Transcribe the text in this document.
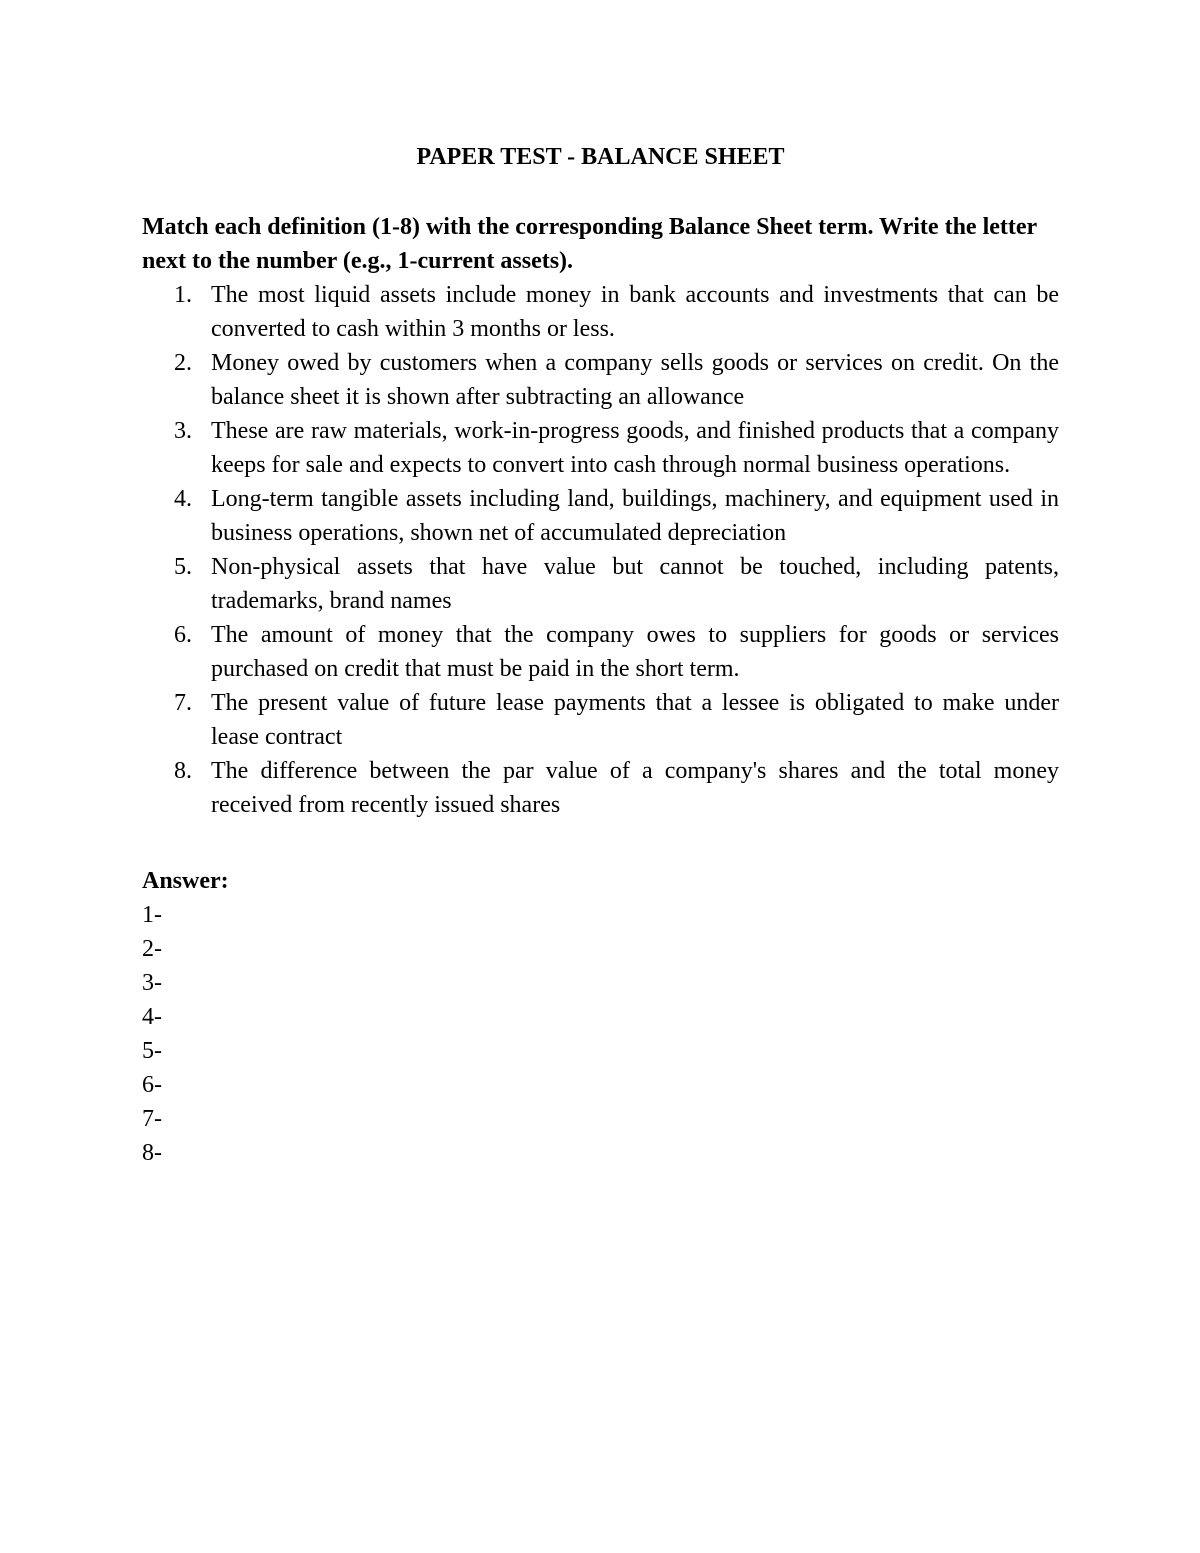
PAPER TEST - BALANCE SHEET

Match each definition (1-8) with the corresponding Balance Sheet term. Write the letter next to the number (e.g., 1-current assets).

1. The most liquid assets include money in bank accounts and investments that can be converted to cash within 3 months or less.
2. Money owed by customers when a company sells goods or services on credit. On the balance sheet it is shown after subtracting an allowance
3. These are raw materials, work-in-progress goods, and finished products that a company keeps for sale and expects to convert into cash through normal business operations.
4. Long-term tangible assets including land, buildings, machinery, and equipment used in business operations, shown net of accumulated depreciation
5. Non-physical assets that have value but cannot be touched, including patents, trademarks, brand names
6. The amount of money that the company owes to suppliers for goods or services purchased on credit that must be paid in the short term.
7. The present value of future lease payments that a lessee is obligated to make under lease contract
8. The difference between the par value of a company's shares and the total money received from recently issued shares
Answer:
1-
2-
3-
4-
5-
6-
7-
8-
